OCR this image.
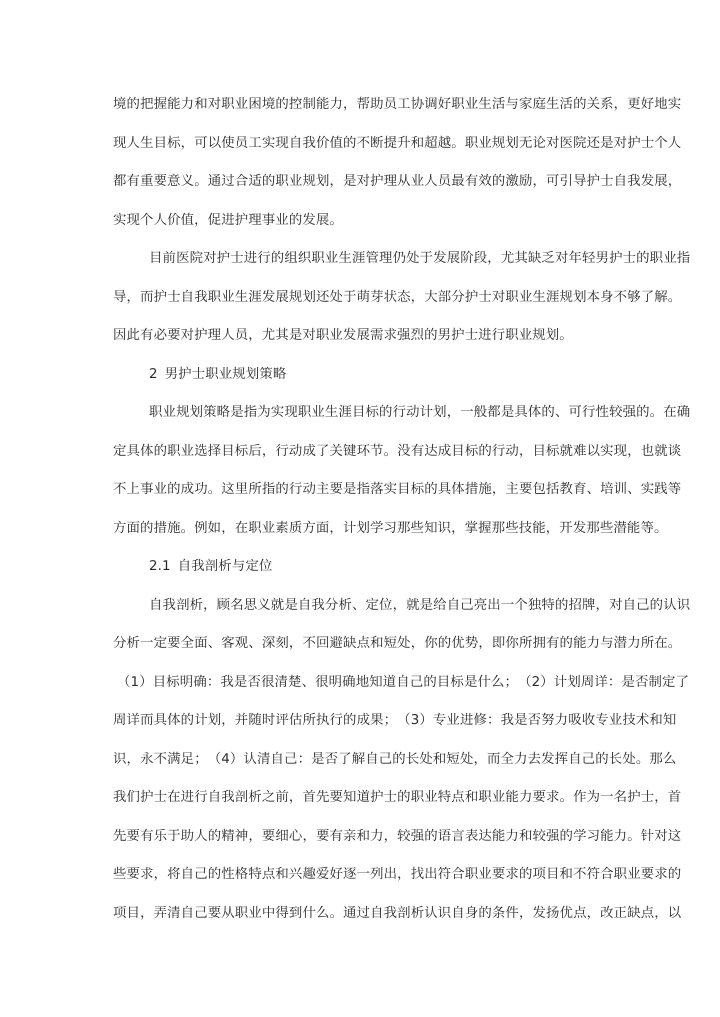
境 的 把 握 能 力 和 对 职 业 困 境 的 控 制 能 力 ， 帮 助 员 工 协 调 好 职 业 生 活 与 家 庭 生 活 的 关 系 ， 更 好 地 实
现 人 生 目 标 ， 可 以 使 员 工 实 现 自 我 价 值 的 不 断 提 升 和 超 越 。 职 业 规 划 无 论 对 医 院 还 是 对 护 士 个 人
都 有 重 要 意 义 。 通 过 合 适 的 职 业 规 划 ， 是 对 护 理 从 业 人 员 最 有 效 的 激 励 ， 可 引 导 护 士 自 我 发 展 ，
实现个人价值，促进护理事业的发展。
目 前 医 院 对 护 士 进 行 的 组 织 职 业 生 涯 管 理 仍 处 于 发 展 阶 段 ， 尤 其 缺 乏 对 年 轻 男 护 士 的 职 业 指
导 ， 而 护 士 自 我 职 业 生 涯 发 展 规 划 还 处 于 萌 芽 状 态 ， 大 部 分 护 士 对 职 业 生 涯 规 划 本 身 不 够 了 解 。
因此有必要对护理人员，尤其是对职业发展需求强烈的男护士进行职业规划。
2 男护士职业规划策略
职 业 规 划 策 略 是 指 为 实 现 职 业 生 涯 目 标 的 行 动 计 划 ， 一 般 都 是 具 体 的 、 可 行 性 较 强 的 。 在 确
定 具 体 的 职 业 选 择 目 标 后 ， 行 动 成 了 关 键 环 节 。 没 有 达 成 目 标 的 行 动 ， 目 标 就 难 以 实 现 ， 也 就 谈
不 上 事 业 的 成 功 。 这 里 所 指 的 行 动 主 要 是 指 落 实 目 标 的 具 体 措 施 ， 主 要 包 括 教 育 、 培 训 、 实 践 等
方面的措施。例如，在职业素质方面，计划学习那些知识，掌握那些技能，开发那些潜能等。
2.1 自我剖析与定位
自 我 剖 析 ， 顾 名 思 义 就 是 自 我 分 析 、 定 位 ， 就 是 给 自 己 亮 出 一 个 独 特 的 招 牌 ， 对 自 己 的 认 识
分 析 一 定 要 全 面 、 客 观 、 深 刻 ， 不 回 避 缺 点 和 短 处 ， 你 的 优 势 ， 即 你 所 拥 有 的 能 力 与 潜 力 所 在 。
（ 1 ） 目 标 明 确 ： 我 是 否 很 清 楚 、 很 明 确 地 知 道 自 己 的 目 标 是 什 么 ； （ 2 ） 计 划 周 详 ： 是 否 制 定 了
周 详 而 具 体 的 计 划 ， 并 随 时 评 估 所 执 行 的 成 果 ； （ 3 ） 专 业 进 修 ： 我 是 否 努 力 吸 收 专 业 技 术 和 知
识 ， 永 不 满 足 ； （ 4 ） 认 清 自 己 ： 是 否 了 解 自 己 的 长 处 和 短 处 ， 而 全 力 去 发 挥 自 己 的 长 处 。 那 么
我 们 护 士 在 进 行 自 我 剖 析 之 前 ， 首 先 要 知 道 护 士 的 职 业 特 点 和 职 业 能 力 要 求 。 作 为 一 名 护 士 ， 首
先 要 有 乐 于 助 人 的 精 神 ， 要 细 心 ， 要 有 亲 和 力 ， 较 强 的 语 言 表 达 能 力 和 较 强 的 学 习 能 力 。 针 对 这
些 要 求 ， 将 自 己 的 性 格 特 点 和 兴 趣 爱 好 逐 一 列 出 ， 找 出 符 合 职 业 要 求 的 项 目 和 不 符 合 职 业 要 求 的
项 目 ， 弄 清 自 己 要 从 职 业 中 得 到 什 么 。 通 过 自 我 剖 析 认 识 自 身 的 条 件 ， 发 扬 优 点 ， 改 正 缺 点 ， 以
